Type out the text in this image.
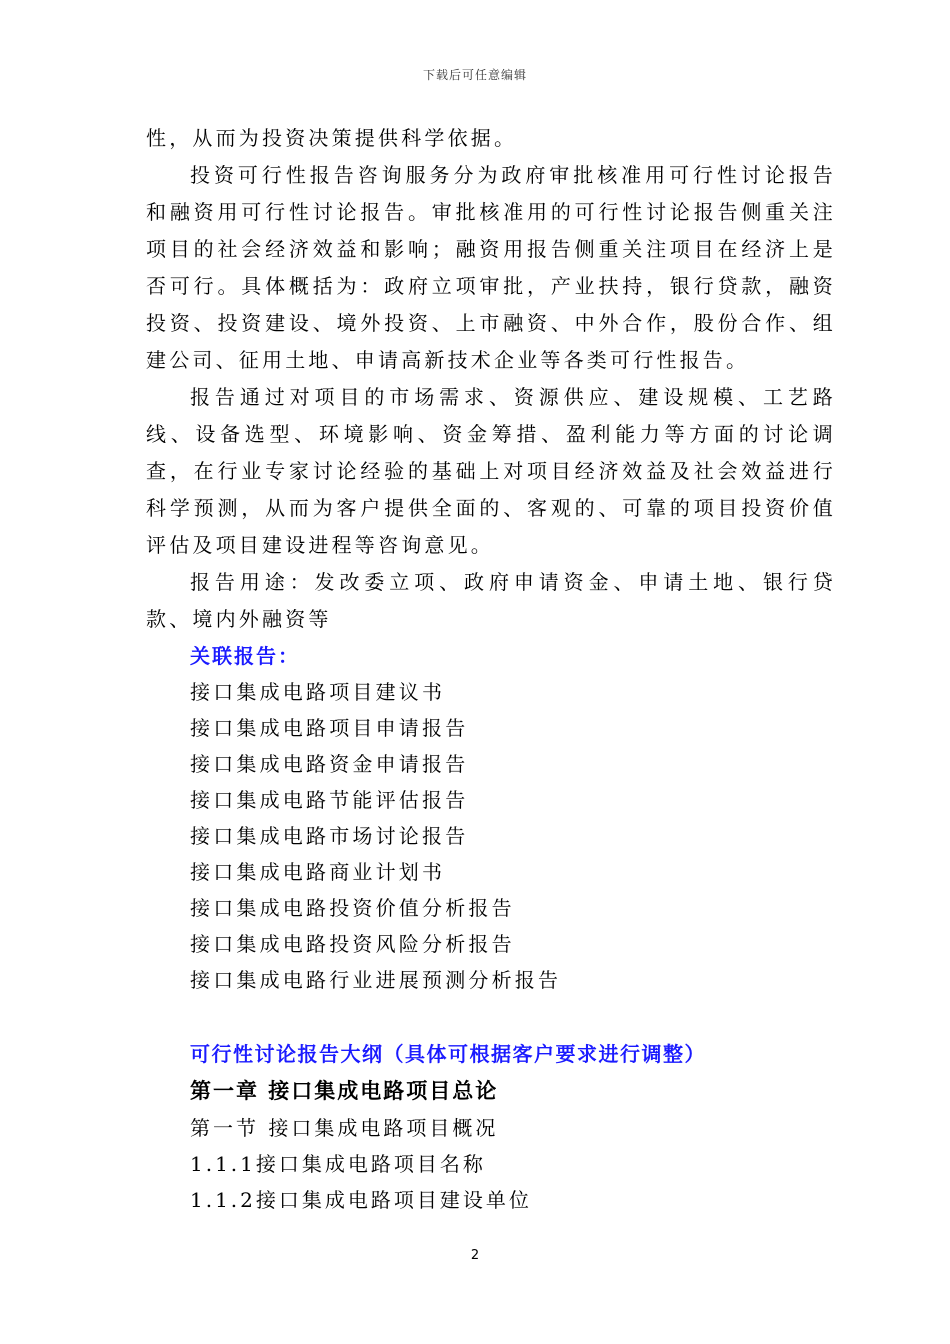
下载后可任意编辑

性，从而为投资决策提供科学依据。

投资可行性报告咨询服务分为政府审批核准用可行性讨论报告和融资用可行性讨论报告。审批核准用的可行性讨论报告侧重关注项目的社会经济效益和影响；融资用报告侧重关注项目在经济上是否可行。具体概括为：政府立项审批，产业扶持，银行贷款，融资投资、投资建设、境外投资、上市融资、中外合作，股份合作、组建公司、征用土地、申请高新技术企业等各类可行性报告。

报告通过对项目的市场需求、资源供应、建设规模、工艺路线、设备选型、环境影响、资金筹措、盈利能力等方面的讨论调查，在行业专家讨论经验的基础上对项目经济效益及社会效益进行科学预测，从而为客户提供全面的、客观的、可靠的项目投资价值评估及项目建设进程等咨询意见。

报告用途：发改委立项、政府申请资金、申请土地、银行贷款、境内外融资等

关联报告：

接口集成电路项目建议书
接口集成电路项目申请报告
接口集成电路资金申请报告
接口集成电路节能评估报告
接口集成电路市场讨论报告
接口集成电路商业计划书
接口集成电路投资价值分析报告
接口集成电路投资风险分析报告
接口集成电路行业进展预测分析报告

可行性讨论报告大纲（具体可根据客户要求进行调整）

第一章 接口集成电路项目总论

第一节 接口集成电路项目概况

1.1.1接口集成电路项目名称

1.1.2接口集成电路项目建设单位

2
